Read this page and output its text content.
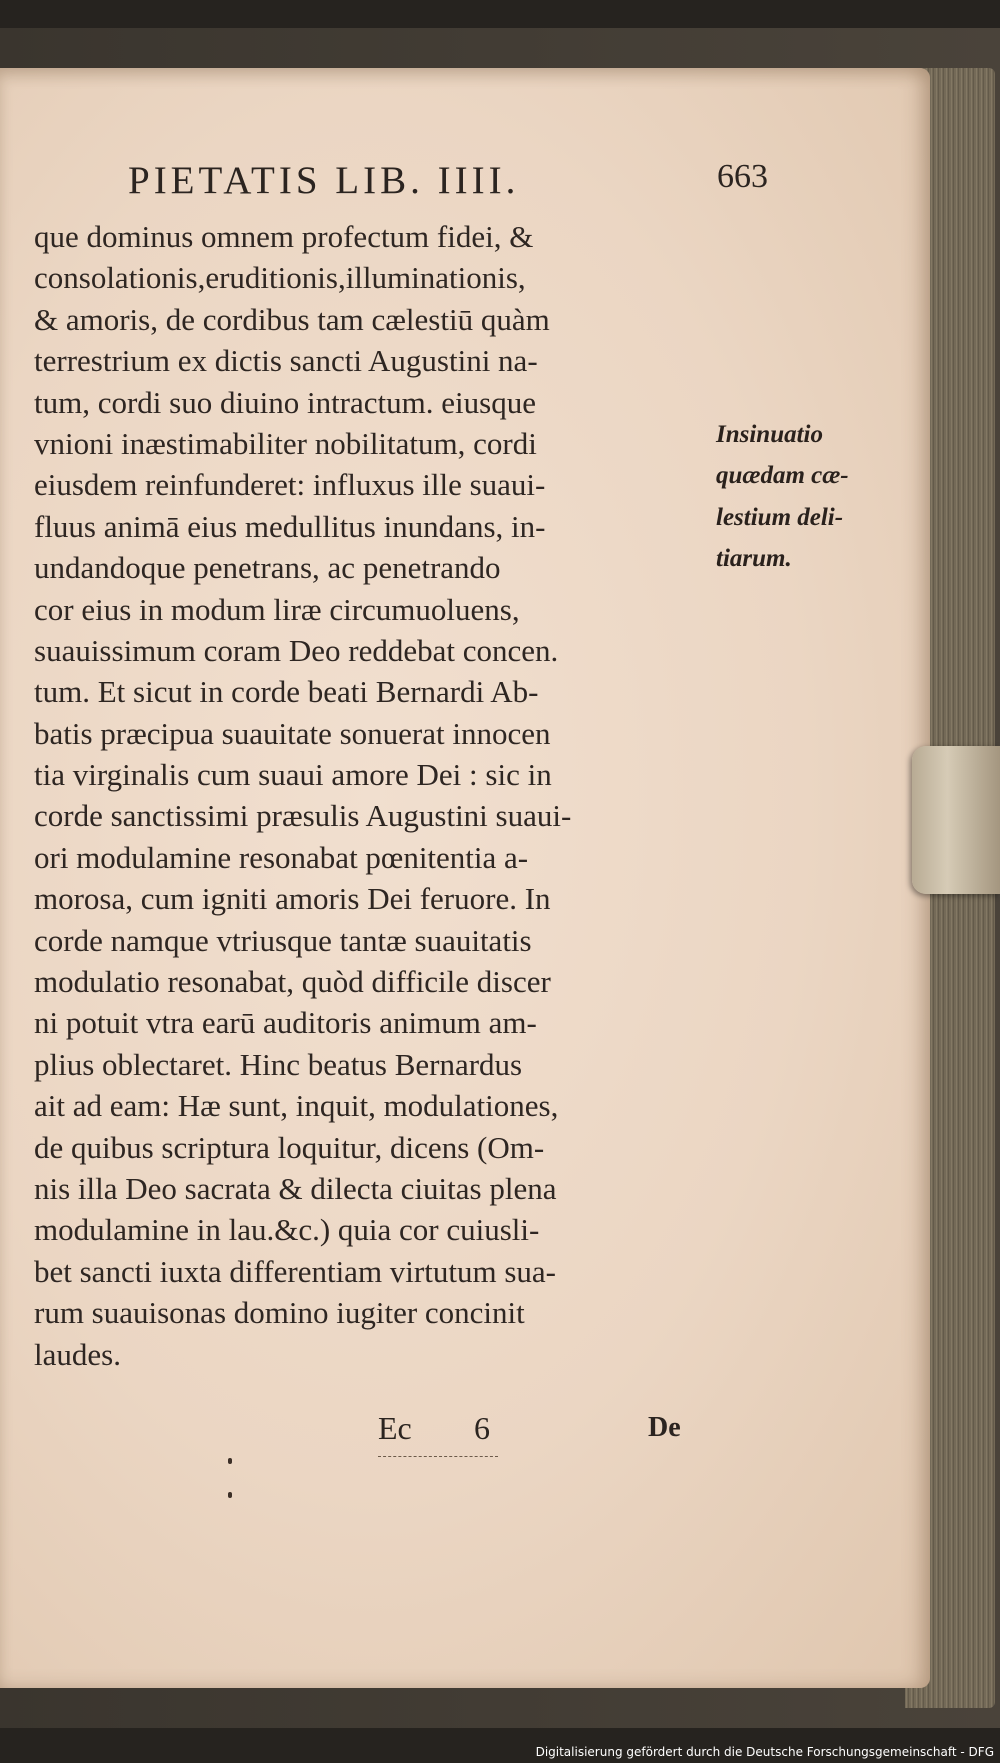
PIETATIS LIB. IIII.	663
que dominus omnem profectum fidei, &
consolationis,eruditionis,illuminationis,
& amoris, de cordibus tam cælestiū quàm
terrestrium ex dictis sancti Augustini na-
tum, cordi suo diuino intractum. eiusque
vnioni inæstimabiliter nobilitatum, cordi
eiusdem reinfunderet: influxus ille suaui-
fluus animā eius medullitus inundans, in-
undandoque penetrans, ac penetrando
cor eius in modum liræ circumuoluens,
suauissimum coram Deo reddebat concen.
tum. Et sicut in corde beati Bernardi Ab-
batis præcipua suauitate sonuerat innocen
tia virginalis cum suaui amore Dei : sic in
corde sanctissimi præsulis Augustini suaui-
ori modulamine resonabat pœnitentia a-
morosa, cum igniti amoris Dei feruore. In
corde namque vtriusque tantæ suauitatis
modulatio resonabat, quòd difficile discer
ni potuit vtra earū auditoris animum am-
plius oblectaret. Hinc beatus Bernardus
ait ad eam: Hæ sunt, inquit, modulationes,
de quibus scriptura loquitur, dicens (Om-
nis illa Deo sacrata & dilecta ciuitas plena
modulamine in lau.&c.) quia cor cuiusli-
bet sancti iuxta differentiam virtutum sua-
rum suauisonas domino iugiter concinit
laudes.
Insinuatio
quædam cæ-
lestium deli-
tiarum.
Ec 6	De
Digitalisierung gefördert durch die Deutsche Forschungsgemeinschaft - DFG
